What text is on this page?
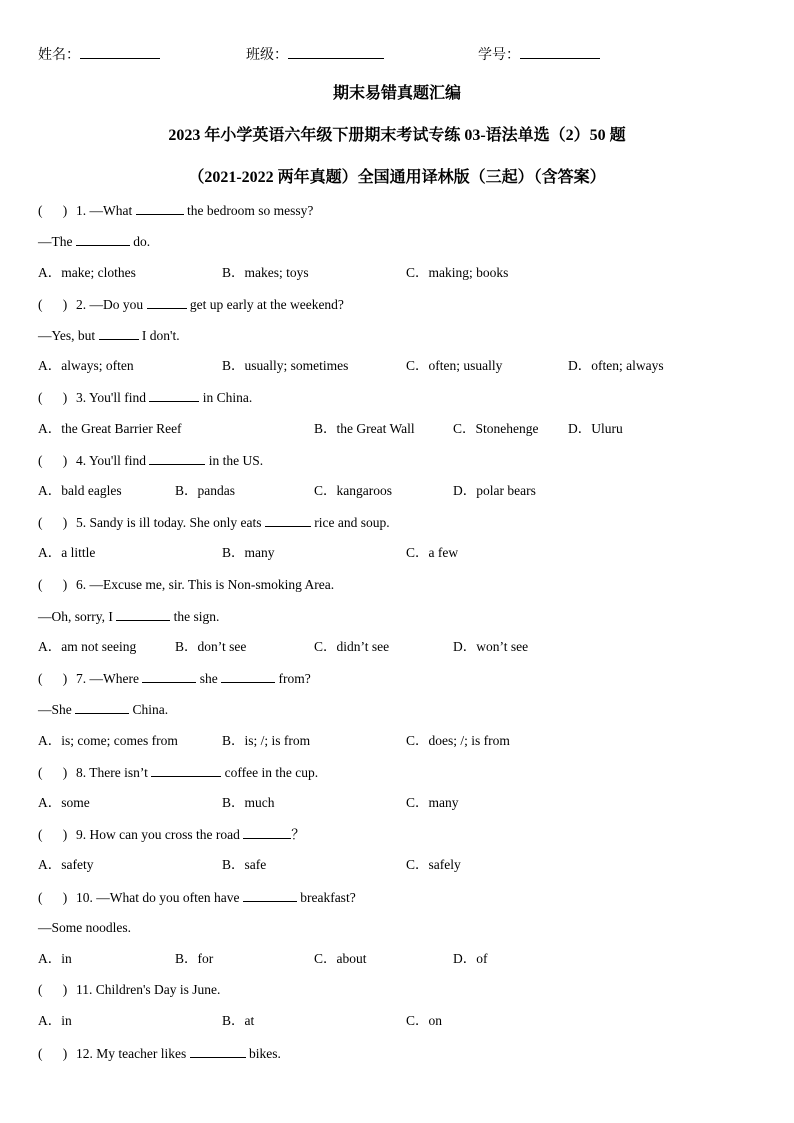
姓名：	班级：	学号：
期末易错真题汇编
2023 年小学英语六年级下册期末考试专练 03-语法单选（2）50 题
（2021-2022 两年真题）全国通用译林版（三起）（含答案）
(      ) 1. —What	the bedroom so messy?
—The	do.
A．make; clothes	B．makes; toys	C．making; books
(      ) 2. —Do you	get up early at the weekend?
—Yes, but	I don't.
A．always; often	B．usually; sometimes	C．often; usually	D．often; always
(      ) 3. You'll find	in China.
A．the Great Barrier Reef	B．the Great Wall	C．Stonehenge D．Uluru
(      ) 4. You'll find	in the US.
A．bald eagles	B．pandas	C．kangaroos	D．polar bears
(      ) 5. Sandy is ill today. She only eats	rice and soup.
A．a little	B．many	C．a few
(      ) 6. —Excuse me, sir. This is Non-smoking Area.
—Oh, sorry, I	the sign.
A．am not seeing	B．don’t see	C．didn’t see	D．won’t see
(      ) 7. —Where	she	from?
—She	China.
A．is; come; comes from	B．is; /; is from	C．does; /; is from
(      ) 8. There isn’t	coffee in the cup.
A．some	B．much	C．many
(      ) 9. How can you cross the road	？
A．safety	B．safe	C．safely
(      ) 10. —What do you often have	breakfast?
—Some noodles.
A．in	B．for	C．about	D．of
(      ) 11. Children's Day is June.
A．in	B．at	C．on
(      ) 12. My teacher likes	bikes.
